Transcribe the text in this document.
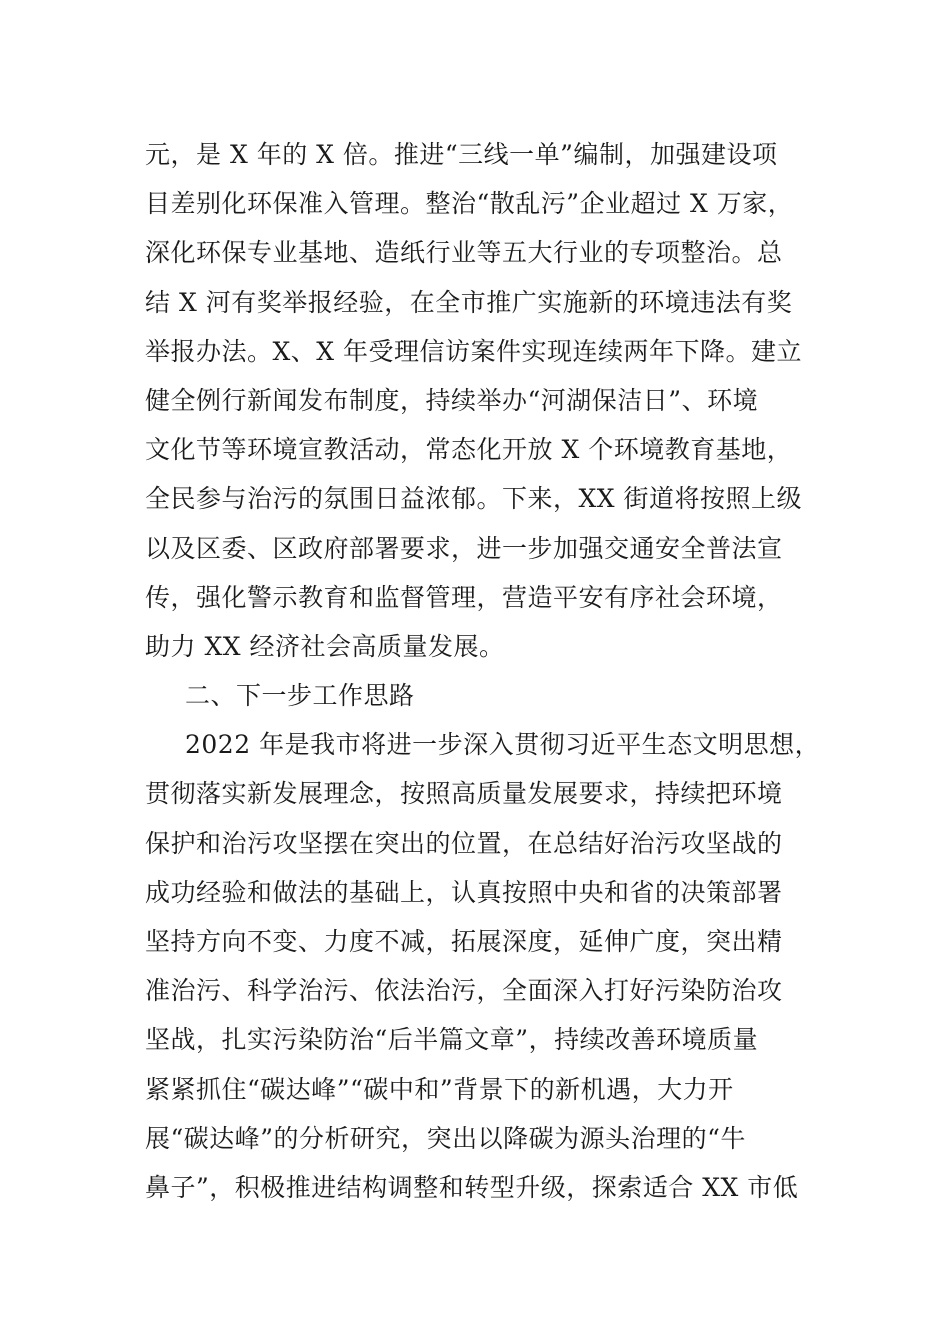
元，是 X 年的 X 倍。推进“三线一单”编制，加强建设项
目差别化环保准入管理。整治“散乱污”企业超过 X 万家，
深化环保专业基地、造纸行业等五大行业的专项整治。总
结 X 河有奖举报经验，在全市推广实施新的环境违法有奖
举报办法。X、X 年受理信访案件实现连续两年下降。建立
健全例行新闻发布制度，持续举办“河湖保洁日”、环境
文化节等环境宣教活动，常态化开放 X 个环境教育基地，
全民参与治污的氛围日益浓郁。下来，XX 街道将按照上级
以及区委、区政府部署要求，进一步加强交通安全普法宣
传，强化警示教育和监督管理，营造平安有序社会环境，
助力 XX 经济社会高质量发展。
二、下一步工作思路
2022 年是我市将进一步深入贯彻习近平生态文明思想，
贯彻落实新发展理念，按照高质量发展要求，持续把环境
保护和治污攻坚摆在突出的位置，在总结好治污攻坚战的
成功经验和做法的基础上，认真按照中央和省的决策部署
坚持方向不变、力度不减，拓展深度，延伸广度，突出精
准治污、科学治污、依法治污，全面深入打好污染防治攻
坚战，扎实污染防治“后半篇文章”，持续改善环境质量
紧紧抓住“碳达峰”“碳中和”背景下的新机遇，大力开
展“碳达峰”的分析研究，突出以降碳为源头治理的“牛
鼻子”，积极推进结构调整和转型升级，探索适合 XX 市低
